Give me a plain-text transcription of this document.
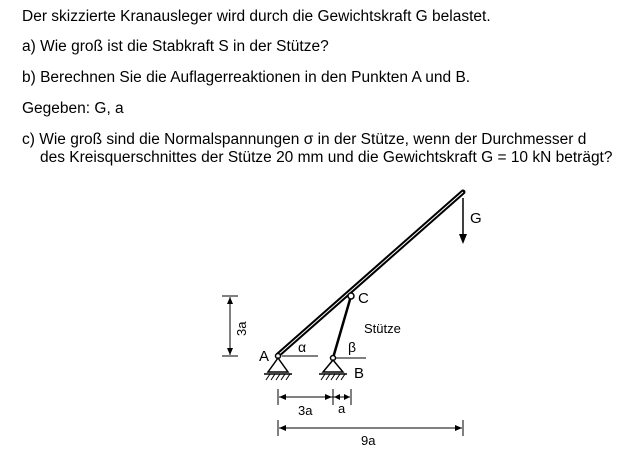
Der skizzierte Kranausleger wird durch die Gewichtskraft G belastet.
a) Wie groß ist die Stabkraft S in der Stütze?
b) Berechnen Sie die Auflagerreaktionen in den Punkten A und B.
Gegeben: G, a
c) Wie groß sind die Normalspannungen σ in der Stütze, wenn der Durchmesser d
des Kreisquerschnittes der Stütze 20 mm und die Gewichtskraft G = 10 kN beträgt?
G
C
Stütze
A
α	β
B
3a
3a a
9a
